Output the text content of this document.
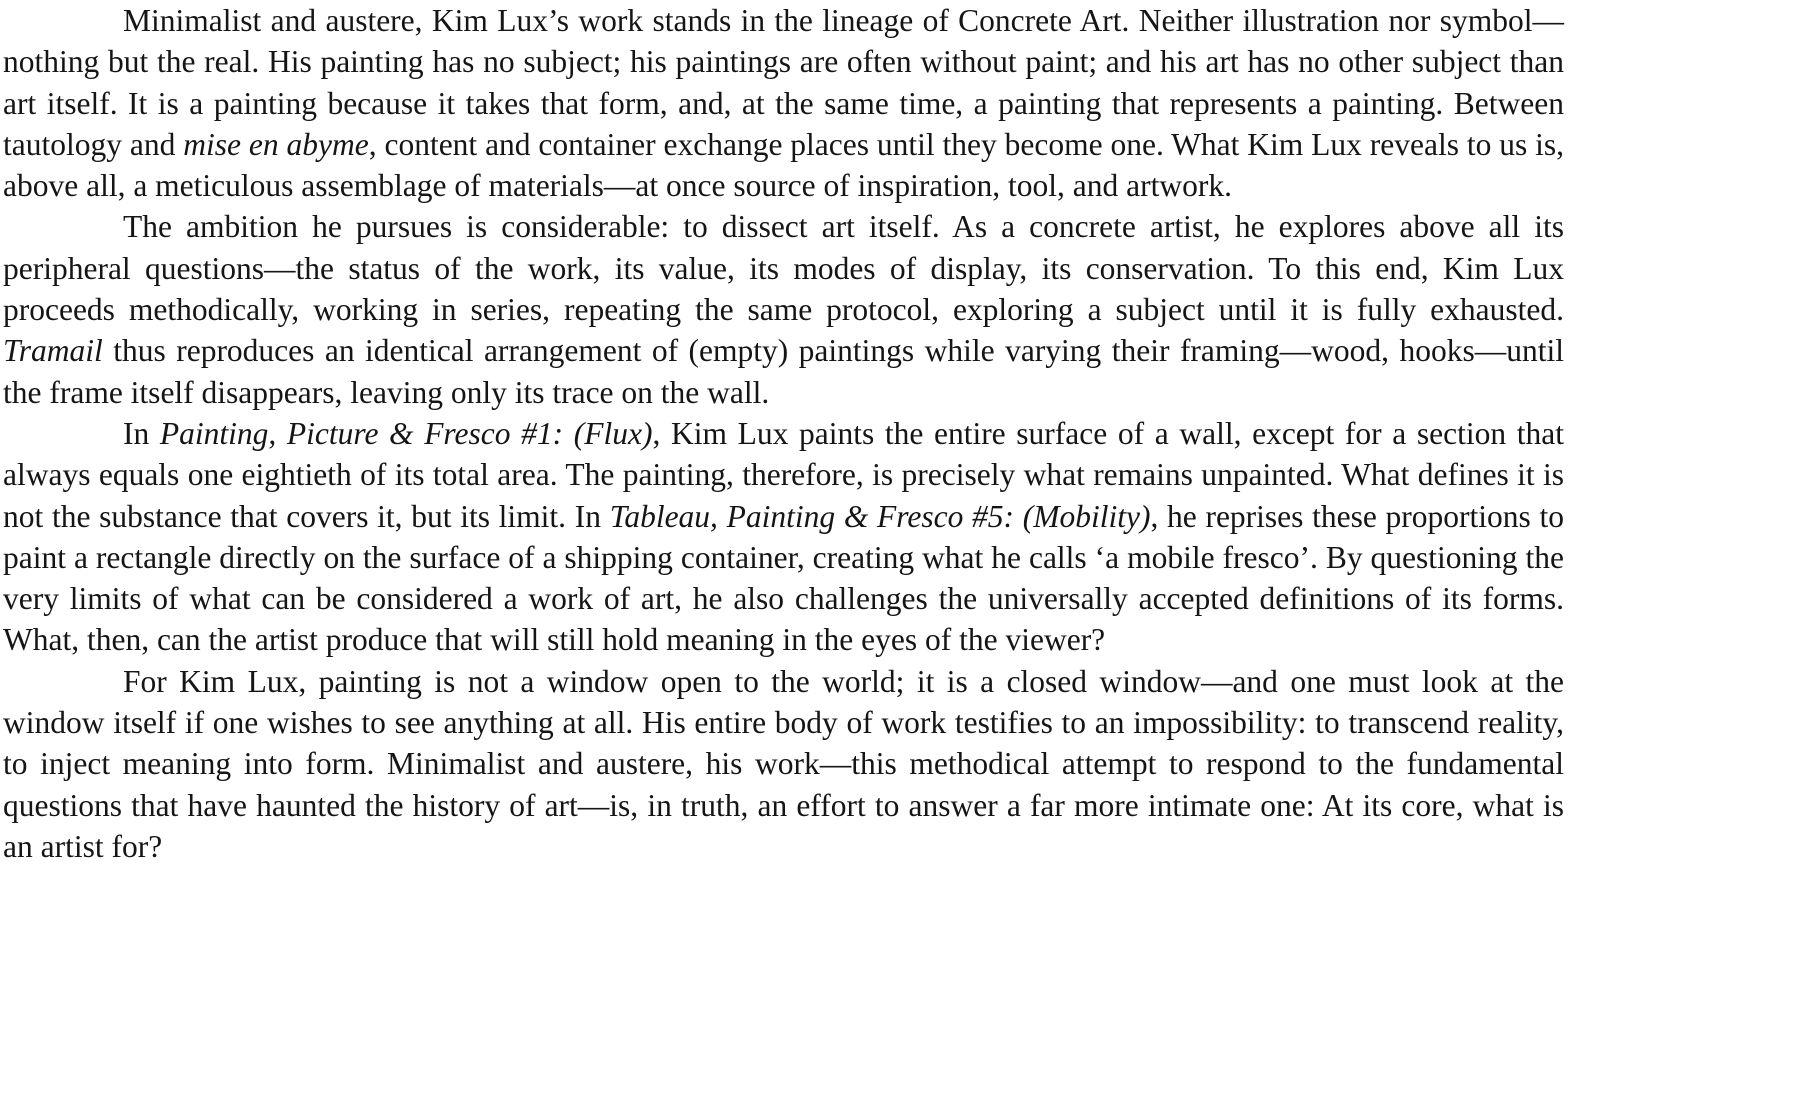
Minimalist and austere, Kim Lux’s work stands in the lineage of Concrete Art. Neither illustration nor symbol—nothing but the real. His painting has no subject; his paintings are often without paint; and his art has no other subject than art itself. It is a painting because it takes that form, and, at the same time, a painting that represents a painting. Between tautology and mise en abyme, content and container exchange places until they become one. What Kim Lux reveals to us is, above all, a meticulous assemblage of materials—at once source of inspiration, tool, and artwork.

The ambition he pursues is considerable: to dissect art itself. As a concrete artist, he explores above all its peripheral questions—the status of the work, its value, its modes of display, its conservation. To this end, Kim Lux proceeds methodically, working in series, repeating the same protocol, exploring a subject until it is fully exhausted. Tramail thus reproduces an identical arrangement of (empty) paintings while varying their framing—wood, hooks—until the frame itself disappears, leaving only its trace on the wall.

In Painting, Picture & Fresco #1: (Flux), Kim Lux paints the entire surface of a wall, except for a section that always equals one eightieth of its total area. The painting, therefore, is precisely what remains unpainted. What defines it is not the substance that covers it, but its limit. In Tableau, Painting & Fresco #5: (Mobility), he reprises these proportions to paint a rectangle directly on the surface of a shipping container, creating what he calls ‘a mobile fresco’. By questioning the very limits of what can be considered a work of art, he also challenges the universally accepted definitions of its forms. What, then, can the artist produce that will still hold meaning in the eyes of the viewer?

For Kim Lux, painting is not a window open to the world; it is a closed window—and one must look at the window itself if one wishes to see anything at all. His entire body of work testifies to an impossibility: to transcend reality, to inject meaning into form. Minimalist and austere, his work—this methodical attempt to respond to the fundamental questions that have haunted the history of art—is, in truth, an effort to answer a far more intimate one: At its core, what is an artist for?
